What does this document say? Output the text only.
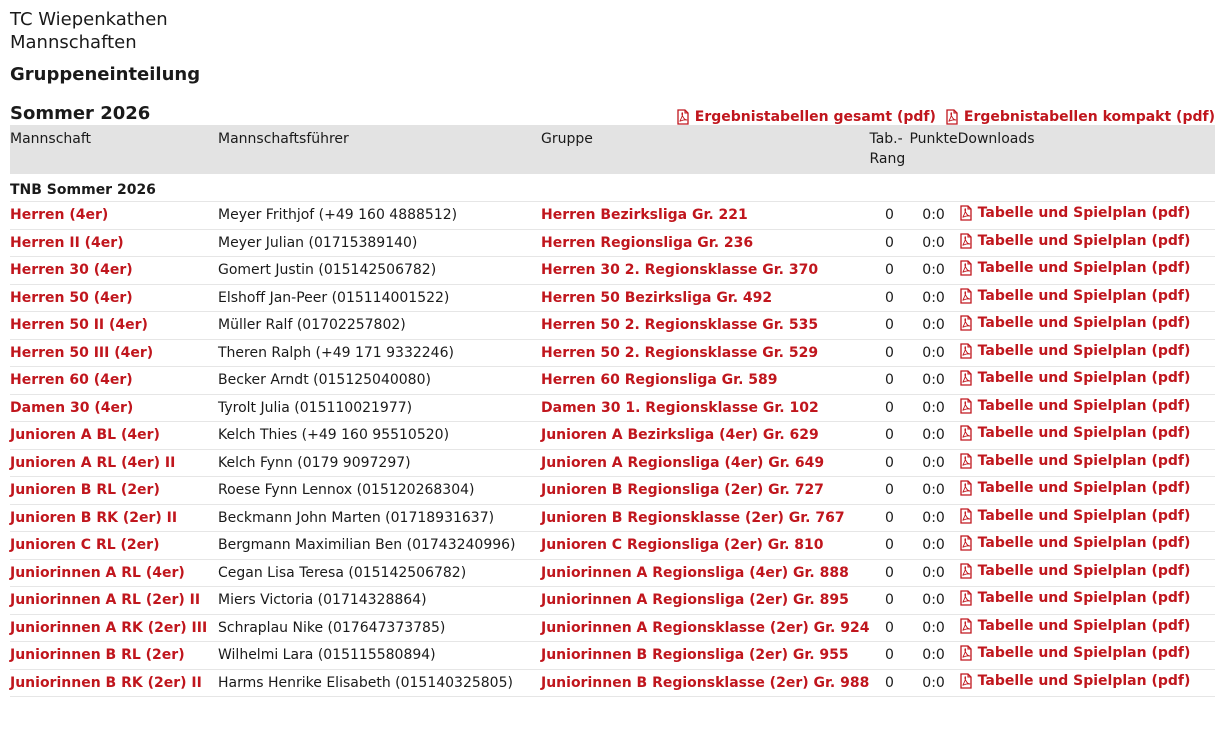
TC Wiepenkathen
Mannschaften
Gruppeneinteilung
Sommer 2026	Ergebnistabellen gesamt (pdf) Ergebnistabellen kompakt (pdf)
Mannschaft	Mannschaftsführer	Gruppe	Tab.-
Rang	Punkte	Downloads
TNB Sommer 2026					
Herren (4er)	Meyer Frithjof (+49 160 4888512)	Herren Bezirksliga Gr. 221	0	0:0	Tabelle und Spielplan (pdf)

Herren II (4er)	Meyer Julian (01715389140)	Herren Regionsliga Gr. 236	0	0:0	Tabelle und Spielplan (pdf)

Herren 30 (4er)	Gomert Justin (015142506782)	Herren 30 2. Regionsklasse Gr. 370	0	0:0	Tabelle und Spielplan (pdf)

Herren 50 (4er)	Elshoff Jan-Peer (015114001522)	Herren 50 Bezirksliga Gr. 492	0	0:0	Tabelle und Spielplan (pdf)

Herren 50 II (4er)	Müller Ralf (01702257802)	Herren 50 2. Regionsklasse Gr. 535	0	0:0	Tabelle und Spielplan (pdf)

Herren 50 III (4er)	Theren Ralph (+49 171 9332246)	Herren 50 2. Regionsklasse Gr. 529	0	0:0	Tabelle und Spielplan (pdf)

Herren 60 (4er)	Becker Arndt (015125040080)	Herren 60 Regionsliga Gr. 589	0	0:0	Tabelle und Spielplan (pdf)

Damen 30 (4er)	Tyrolt Julia (015110021977)	Damen 30 1. Regionsklasse Gr. 102	0	0:0	Tabelle und Spielplan (pdf)

Junioren A BL (4er)	Kelch Thies (+49 160 95510520)	Junioren A Bezirksliga (4er) Gr. 629	0	0:0	Tabelle und Spielplan (pdf)

Junioren A RL (4er) II	Kelch Fynn (0179 9097297)	Junioren A Regionsliga (4er) Gr. 649	0	0:0	Tabelle und Spielplan (pdf)

Junioren B RL (2er)	Roese Fynn Lennox (015120268304)	Junioren B Regionsliga (2er) Gr. 727	0	0:0	Tabelle und Spielplan (pdf)

Junioren B RK (2er) II	Beckmann John Marten (01718931637)	Junioren B Regionsklasse (2er) Gr. 767	0	0:0	Tabelle und Spielplan (pdf)

Junioren C RL (2er)	Bergmann Maximilian Ben (01743240996)	Junioren C Regionsliga (2er) Gr. 810	0	0:0	Tabelle und Spielplan (pdf)

Juniorinnen A RL (4er)	Cegan Lisa Teresa (015142506782)	Juniorinnen A Regionsliga (4er) Gr. 888	0	0:0	Tabelle und Spielplan (pdf)

Juniorinnen A RL (2er) II	Miers Victoria (01714328864)	Juniorinnen A Regionsliga (2er) Gr. 895	0	0:0	Tabelle und Spielplan (pdf)

Juniorinnen A RK (2er) III	Schraplau Nike (017647373785)	Juniorinnen A Regionsklasse (2er) Gr. 924	0	0:0	Tabelle und Spielplan (pdf)

Juniorinnen B RL (2er)	Wilhelmi Lara (015115580894)	Juniorinnen B Regionsliga (2er) Gr. 955	0	0:0	Tabelle und Spielplan (pdf)

Juniorinnen B RK (2er) II	Harms Henrike Elisabeth (015140325805)	Juniorinnen B Regionsklasse (2er) Gr. 988	0	0:0	Tabelle und Spielplan (pdf)
